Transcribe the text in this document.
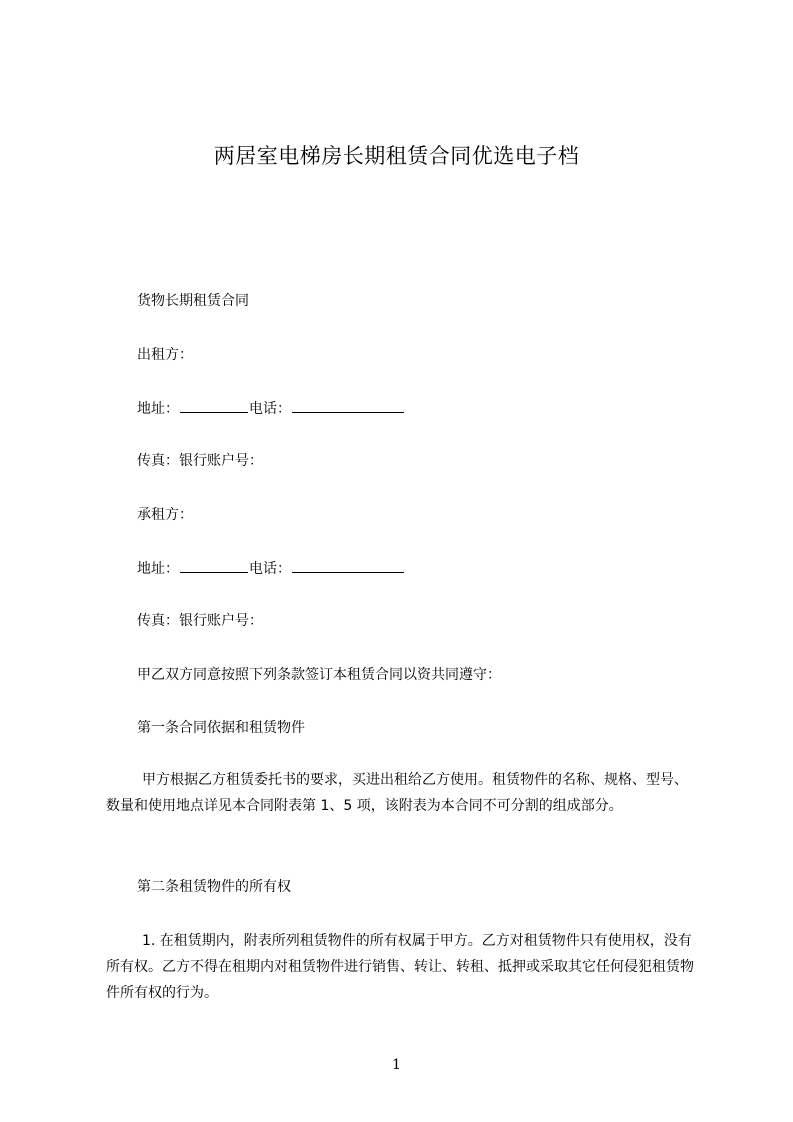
两居室电梯房长期租赁合同优选电子档
货物长期租赁合同
出租方：
地址：	电话：
传真：银行账户号：
承租方：
地址：	电话：
传真：银行账户号：
甲乙双方同意按照下列条款签订本租赁合同以资共同遵守：
第一条合同依据和租赁物件
甲方根据乙方租赁委托书的要求，买进出租给乙方使用。租赁物件的名称、规格、型号、数量和使用地点详见本合同附表第 1、5 项，该附表为本合同不可分割的组成部分。
第二条租赁物件的所有权
1. 在租赁期内，附表所列租赁物件的所有权属于甲方。乙方对租赁物件只有使用权，没有所有权。乙方不得在租期内对租赁物件进行销售、转让、转租、抵押或采取其它任何侵犯租赁物件所有权的行为。
1
